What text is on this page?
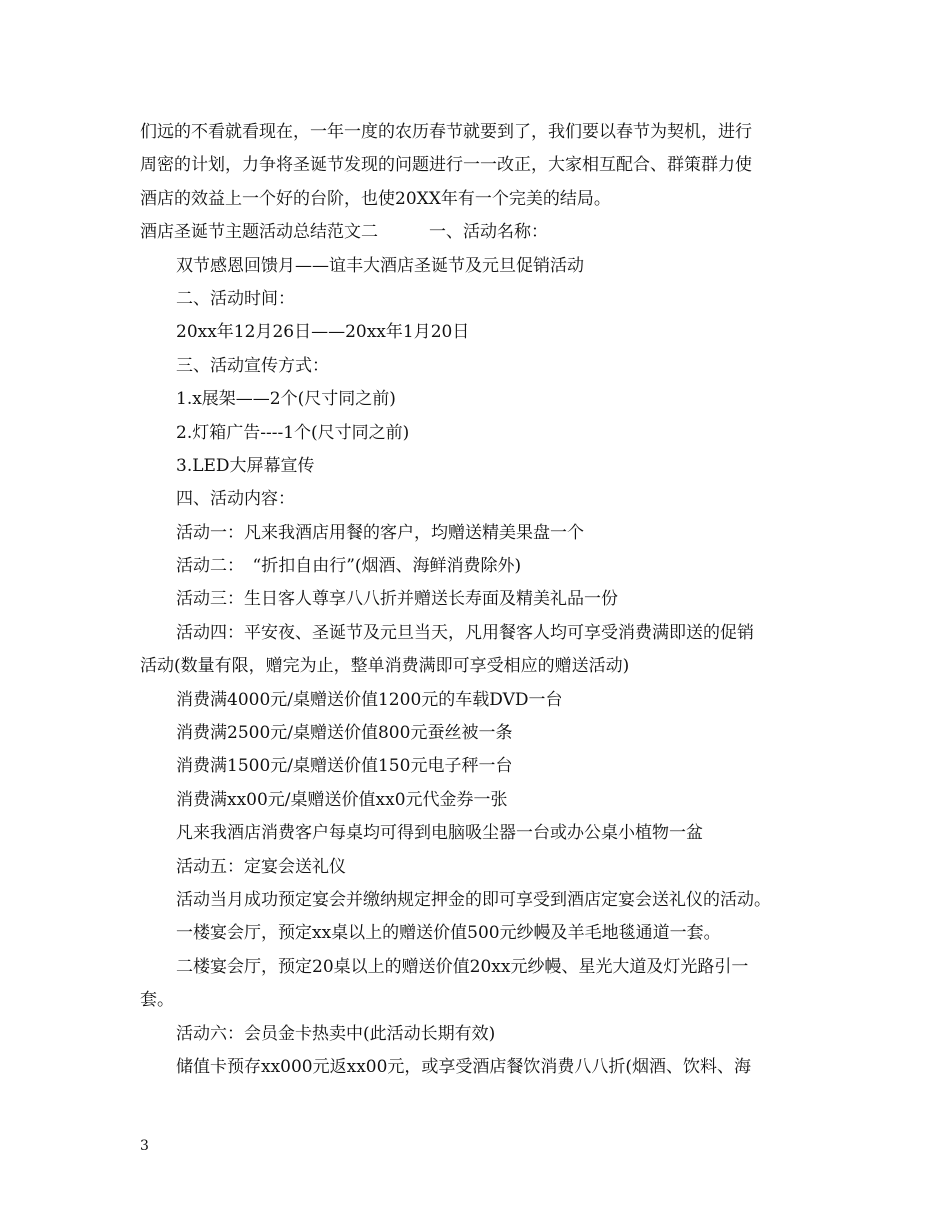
们远的不看就看现在，一年一度的农历春节就要到了，我们要以春节为契机，进行
周密的计划，力争将圣诞节发现的问题进行一一改正，大家相互配合、群策群力使
酒店的效益上一个好的台阶，也使20XX年有一个完美的结局。
酒店圣诞节主题活动总结范文二　　　一、活动名称：
双节感恩回馈月——谊丰大酒店圣诞节及元旦促销活动
二、活动时间：
20xx年12月26日——20xx年1月20日
三、活动宣传方式：
1.x展架——2个(尺寸同之前)
2.灯箱广告----1个(尺寸同之前)
3.LED大屏幕宣传
四、活动内容：
活动一：凡来我酒店用餐的客户，均赠送精美果盘一个
活动二：　“折扣自由行”(烟酒、海鲜消费除外)
活动三：生日客人尊享八八折并赠送长寿面及精美礼品一份
活动四：平安夜、圣诞节及元旦当天，凡用餐客人均可享受消费满即送的促销
活动(数量有限，赠完为止，整单消费满即可享受相应的赠送活动)
消费满4000元/桌赠送价值1200元的车载DVD一台
消费满2500元/桌赠送价值800元蚕丝被一条
消费满1500元/桌赠送价值150元电子秤一台
消费满xx00元/桌赠送价值xx0元代金券一张
凡来我酒店消费客户每桌均可得到电脑吸尘器一台或办公桌小植物一盆
活动五：定宴会送礼仪
活动当月成功预定宴会并缴纳规定押金的即可享受到酒店定宴会送礼仪的活动。
一楼宴会厅，预定xx桌以上的赠送价值500元纱幔及羊毛地毯通道一套。
二楼宴会厅，预定20桌以上的赠送价值20xx元纱幔、星光大道及灯光路引一
套。
活动六：会员金卡热卖中(此活动长期有效)
储值卡预存xx000元返xx00元，或享受酒店餐饮消费八八折(烟酒、饮料、海
3
